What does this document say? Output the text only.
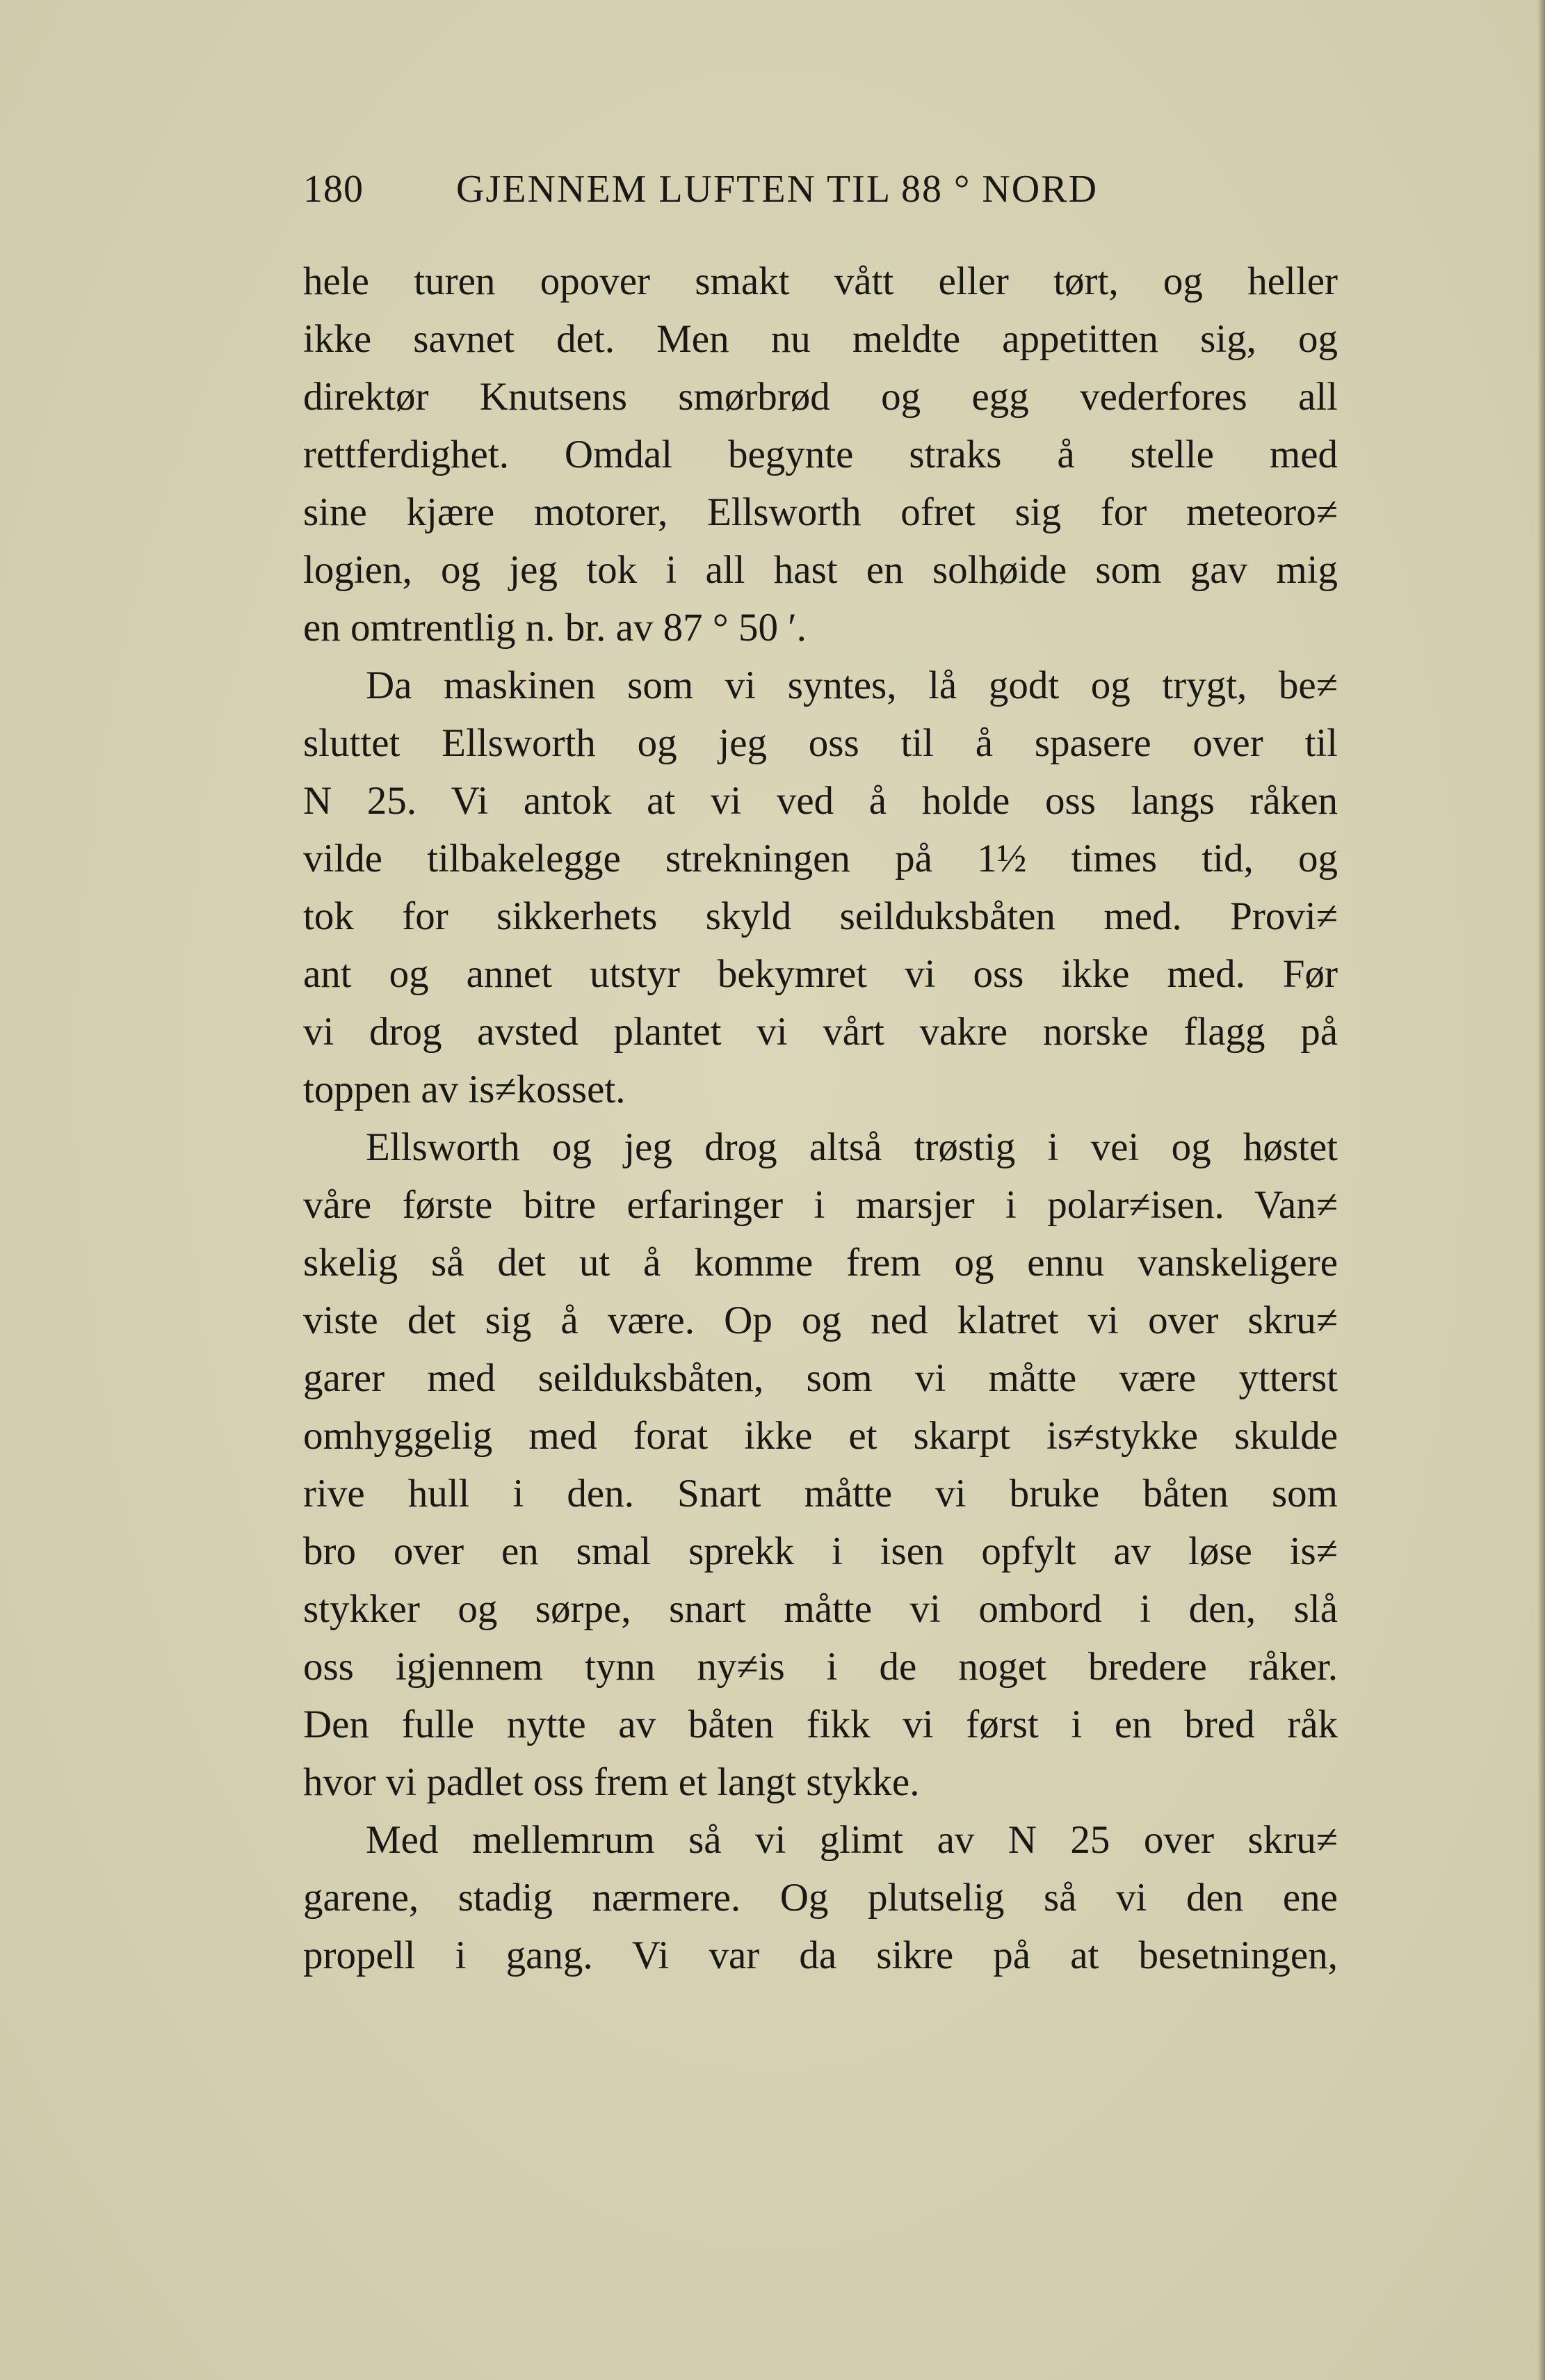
180 GJENNEM LUFTEN TIL 88 ° NORD
hele turen opover smakt vått eller tørt, og heller
ikke savnet det. Men nu meldte appetitten sig, og
direktør Knutsens smørbrød og egg vederfores all
rettferdighet. Omdal begynte straks å stelle med
sine kjære motorer, Ellsworth ofret sig for meteoro≠
logien, og jeg tok i all hast en solhøide som gav mig
en omtrentlig n. br. av 87 ° 50 ′.
Da maskinen som vi syntes, lå godt og trygt, be≠
sluttet Ellsworth og jeg oss til å spasere over til
N 25. Vi antok at vi ved å holde oss langs råken
vilde tilbakelegge strekningen på 1½ times tid, og
tok for sikkerhets skyld seilduksbåten med. Provi≠
ant og annet utstyr bekymret vi oss ikke med. Før
vi drog avsted plantet vi vårt vakre norske flagg på
toppen av is≠kosset.
Ellsworth og jeg drog altså trøstig i vei og høstet
våre første bitre erfaringer i marsjer i polar≠isen. Van≠
skelig så det ut å komme frem og ennu vanskeligere
viste det sig å være. Op og ned klatret vi over skru≠
garer med seilduksbåten, som vi måtte være ytterst
omhyggelig med forat ikke et skarpt is≠stykke skulde
rive hull i den. Snart måtte vi bruke båten som
bro over en smal sprekk i isen opfylt av løse is≠
stykker og sørpe, snart måtte vi ombord i den, slå
oss igjennem tynn ny≠is i de noget bredere råker.
Den fulle nytte av båten fikk vi først i en bred råk
hvor vi padlet oss frem et langt stykke.
Med mellemrum så vi glimt av N 25 over skru≠
garene, stadig nærmere. Og plutselig så vi den ene
propell i gang. Vi var da sikre på at besetningen,
